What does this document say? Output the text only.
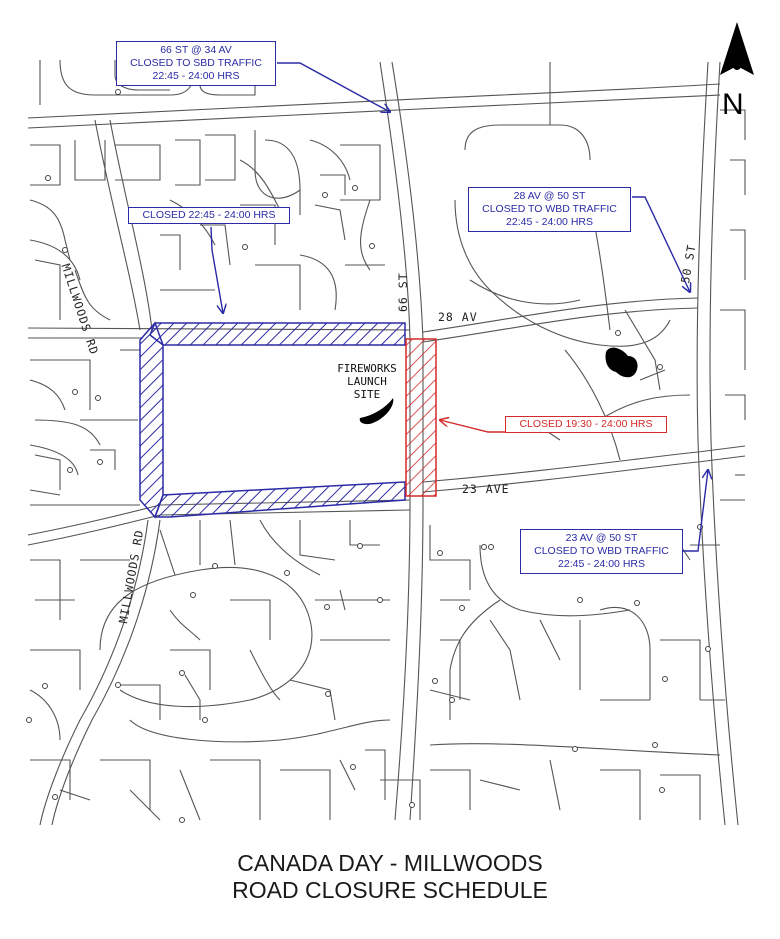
MILLWOODS RD
MILLWOODS RD
66 ST
28 AV
23 AVE
50 ST
FIREWORKS
LAUNCH
SITE
N
66 ST @ 34 AV
CLOSED TO SBD TRAFFIC
22:45 - 24:00 HRS
CLOSED 22:45 - 24:00 HRS
28 AV @ 50 ST
CLOSED TO WBD TRAFFIC
22:45 - 24:00 HRS
CLOSED 19:30 - 24:00 HRS
23 AV @ 50 ST
CLOSED TO WBD TRAFFIC
22:45 - 24:00 HRS
CANADA DAY - MILLWOODS
ROAD CLOSURE SCHEDULE
